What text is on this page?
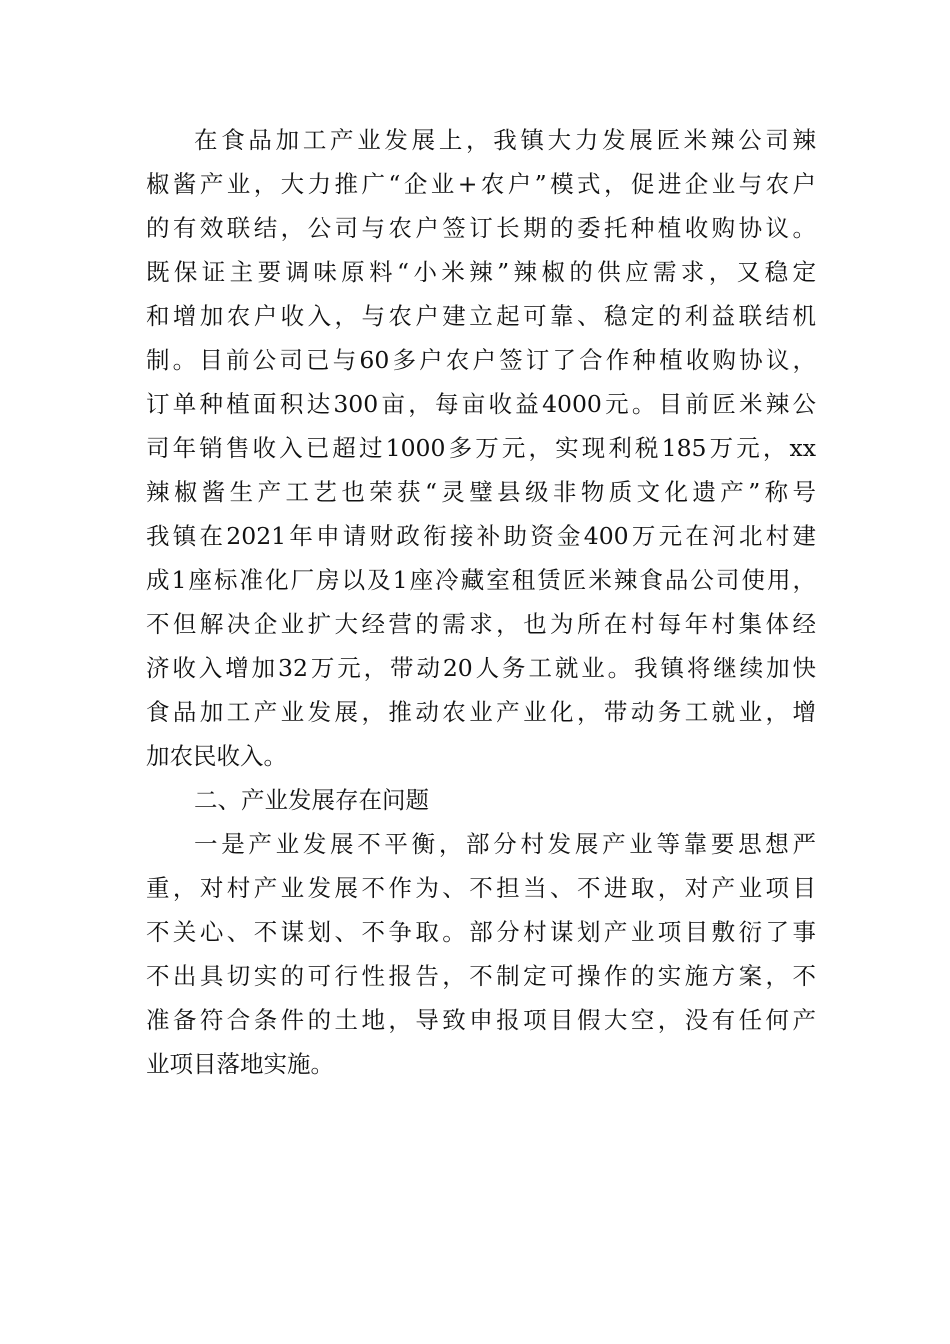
在食品加工产业发展上，我镇大力发展匠米辣公司辣
椒酱产业，大力推广“企业+农户”模式，促进企业与农户
的有效联结，公司与农户签订长期的委托种植收购协议。
既保证主要调味原料“小米辣”辣椒的供应需求，又稳定
和增加农户收入，与农户建立起可靠、稳定的利益联结机
制。目前公司已与60多户农户签订了合作种植收购协议，
订单种植面积达300亩，每亩收益4000元。目前匠米辣公
司年销售收入已超过1000多万元，实现利税185万元，xx
辣椒酱生产工艺也荣获“灵璧县级非物质文化遗产”称号
我镇在2021年申请财政衔接补助资金400万元在河北村建
成1座标准化厂房以及1座冷藏室租赁匠米辣食品公司使用，
不但解决企业扩大经营的需求，也为所在村每年村集体经
济收入增加32万元，带动20人务工就业。我镇将继续加快
食品加工产业发展，推动农业产业化，带动务工就业，增
加农民收入。
二、产业发展存在问题
一是产业发展不平衡，部分村发展产业等靠要思想严
重，对村产业发展不作为、不担当、不进取，对产业项目
不关心、不谋划、不争取。部分村谋划产业项目敷衍了事
不出具切实的可行性报告，不制定可操作的实施方案，不
准备符合条件的土地，导致申报项目假大空，没有任何产
业项目落地实施。
